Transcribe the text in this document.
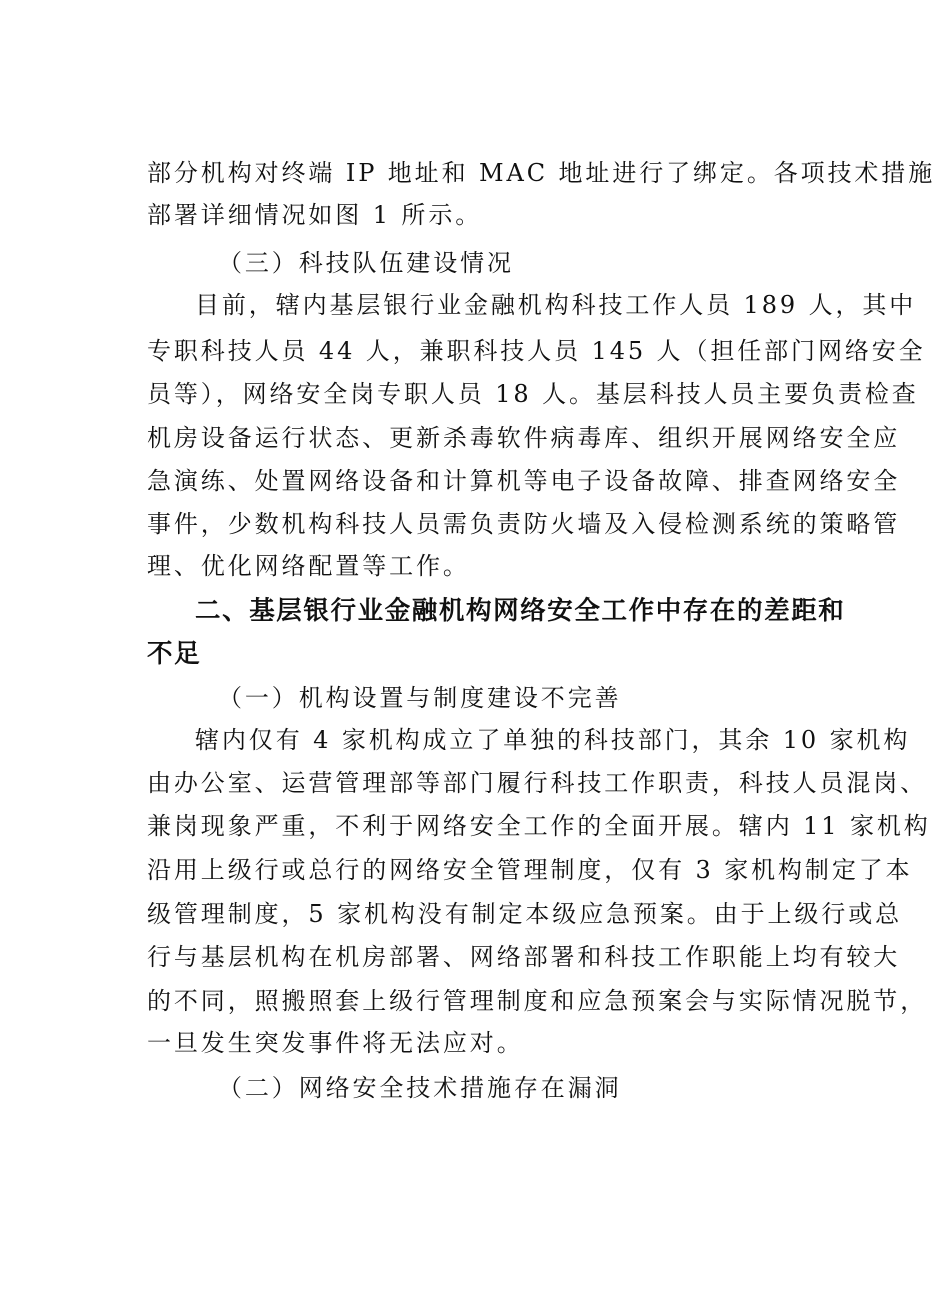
部分机构对终端 IP 地址和 MAC 地址进行了绑定。各项技术措施
部署详细情况如图 1 所示。
（三）科技队伍建设情况
目前，辖内基层银行业金融机构科技工作人员 189 人，其中
专职科技人员 44 人，兼职科技人员 145 人（担任部门网络安全
员等），网络安全岗专职人员 18 人。基层科技人员主要负责检查
机房设备运行状态、更新杀毒软件病毒库、组织开展网络安全应
急演练、处置网络设备和计算机等电子设备故障、排查网络安全
事件，少数机构科技人员需负责防火墙及入侵检测系统的策略管
理、优化网络配置等工作。
二、基层银行业金融机构网络安全工作中存在的差距和
不足
（一）机构设置与制度建设不完善
辖内仅有 4 家机构成立了单独的科技部门，其余 10 家机构
由办公室、运营管理部等部门履行科技工作职责，科技人员混岗、
兼岗现象严重，不利于网络安全工作的全面开展。辖内 11 家机构
沿用上级行或总行的网络安全管理制度，仅有 3 家机构制定了本
级管理制度，5 家机构没有制定本级应急预案。由于上级行或总
行与基层机构在机房部署、网络部署和科技工作职能上均有较大
的不同，照搬照套上级行管理制度和应急预案会与实际情况脱节，
一旦发生突发事件将无法应对。
（二）网络安全技术措施存在漏洞
